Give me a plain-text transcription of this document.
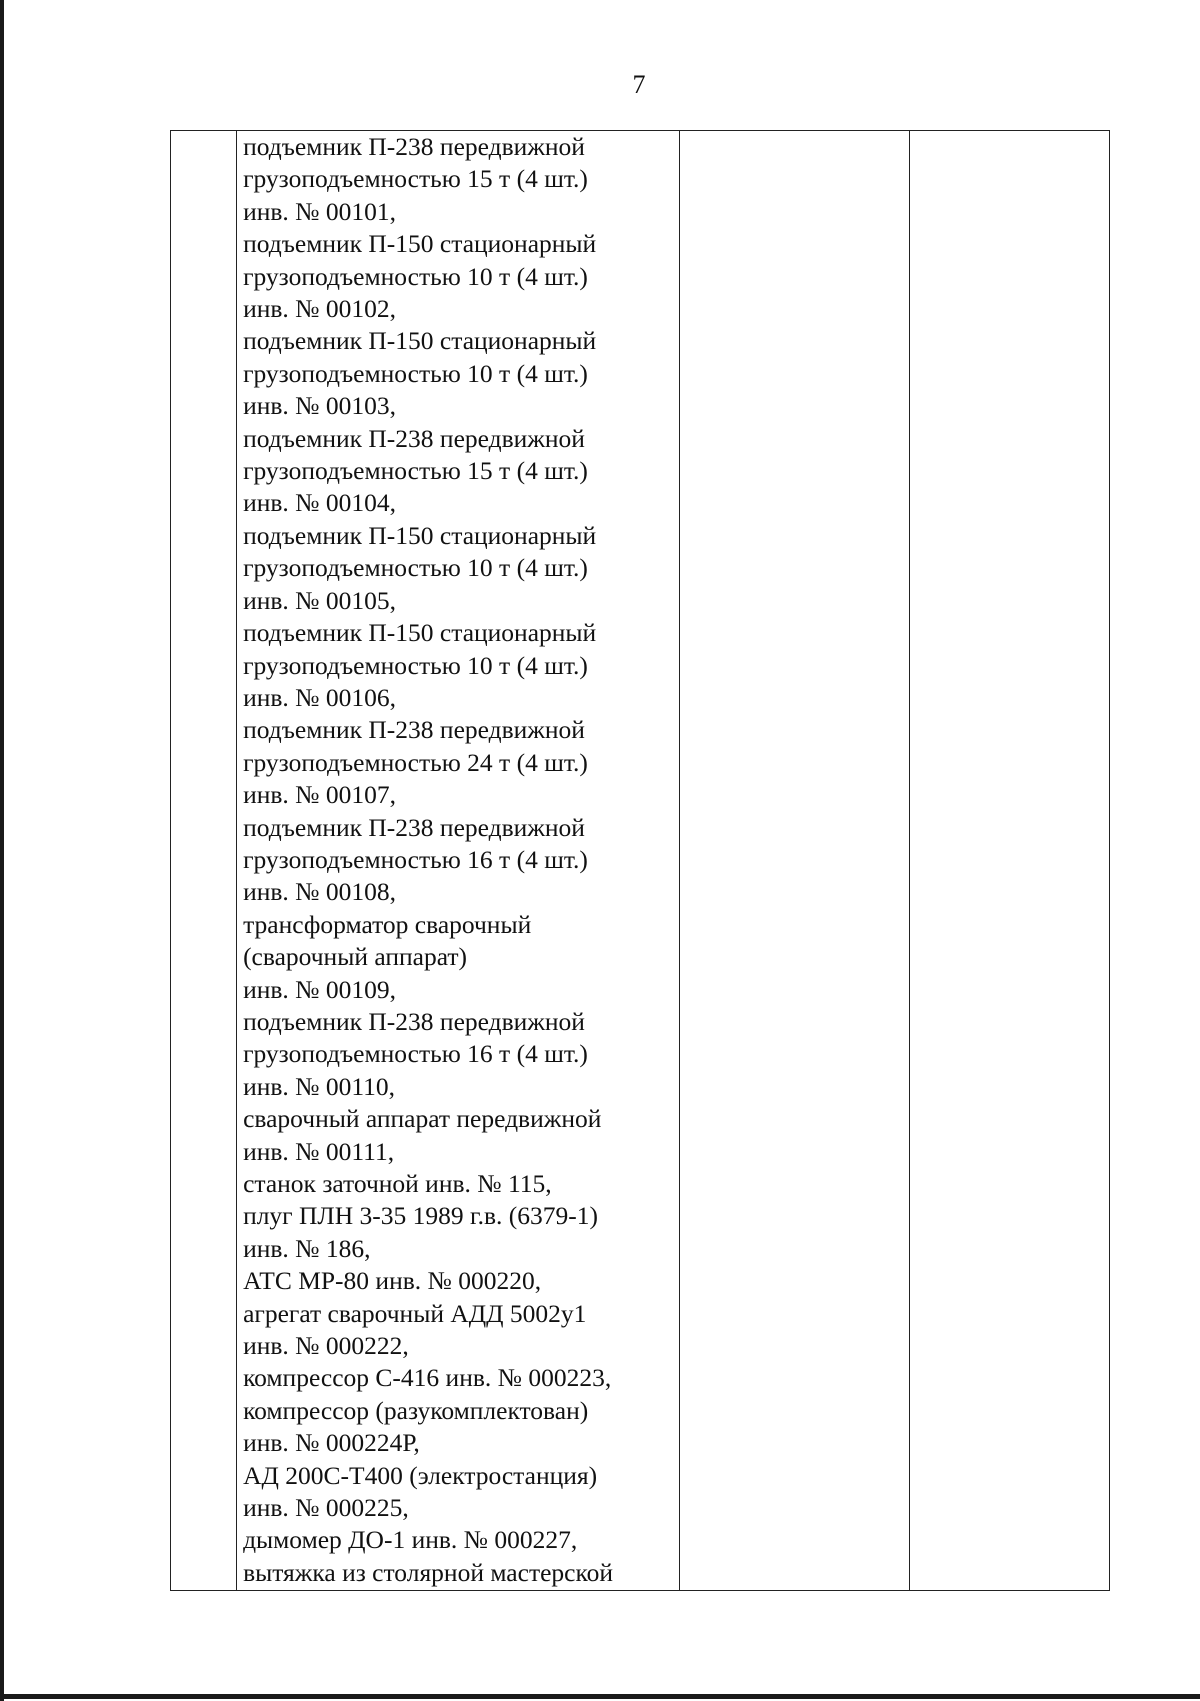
7

подъемник П-238 передвижной
грузоподъемностью 15 т (4 шт.)
инв. № 00101,
подъемник П-150 стационарный
грузоподъемностью 10 т (4 шт.)
инв. № 00102,
подъемник П-150 стационарный
грузоподъемностью 10 т (4 шт.)
инв. № 00103,
подъемник П-238 передвижной
грузоподъемностью 15 т (4 шт.)
инв. № 00104,
подъемник П-150 стационарный
грузоподъемностью 10 т (4 шт.)
инв. № 00105,
подъемник П-150 стационарный
грузоподъемностью 10 т (4 шт.)
инв. № 00106,
подъемник П-238 передвижной
грузоподъемностью 24 т (4 шт.)
инв. № 00107,
подъемник П-238 передвижной
грузоподъемностью 16 т (4 шт.)
инв. № 00108,
трансформатор сварочный
(сварочный аппарат)
инв. № 00109,
подъемник П-238 передвижной
грузоподъемностью 16 т (4 шт.)
инв. № 00110,
сварочный аппарат передвижной
инв. № 00111,
станок заточной инв. № 115,
плуг ПЛН 3-35 1989 г.в. (6379-1)
инв. № 186,
АТС МР-80 инв. № 000220,
агрегат сварочный АДД 5002у1
инв. № 000222,
компрессор С-416 инв. № 000223,
компрессор (разукомплектован)
инв. № 000224Р,
АД 200С-Т400 (электростанция)
инв. № 000225,
дымомер ДО-1 инв. № 000227,
вытяжка из столярной мастерской
